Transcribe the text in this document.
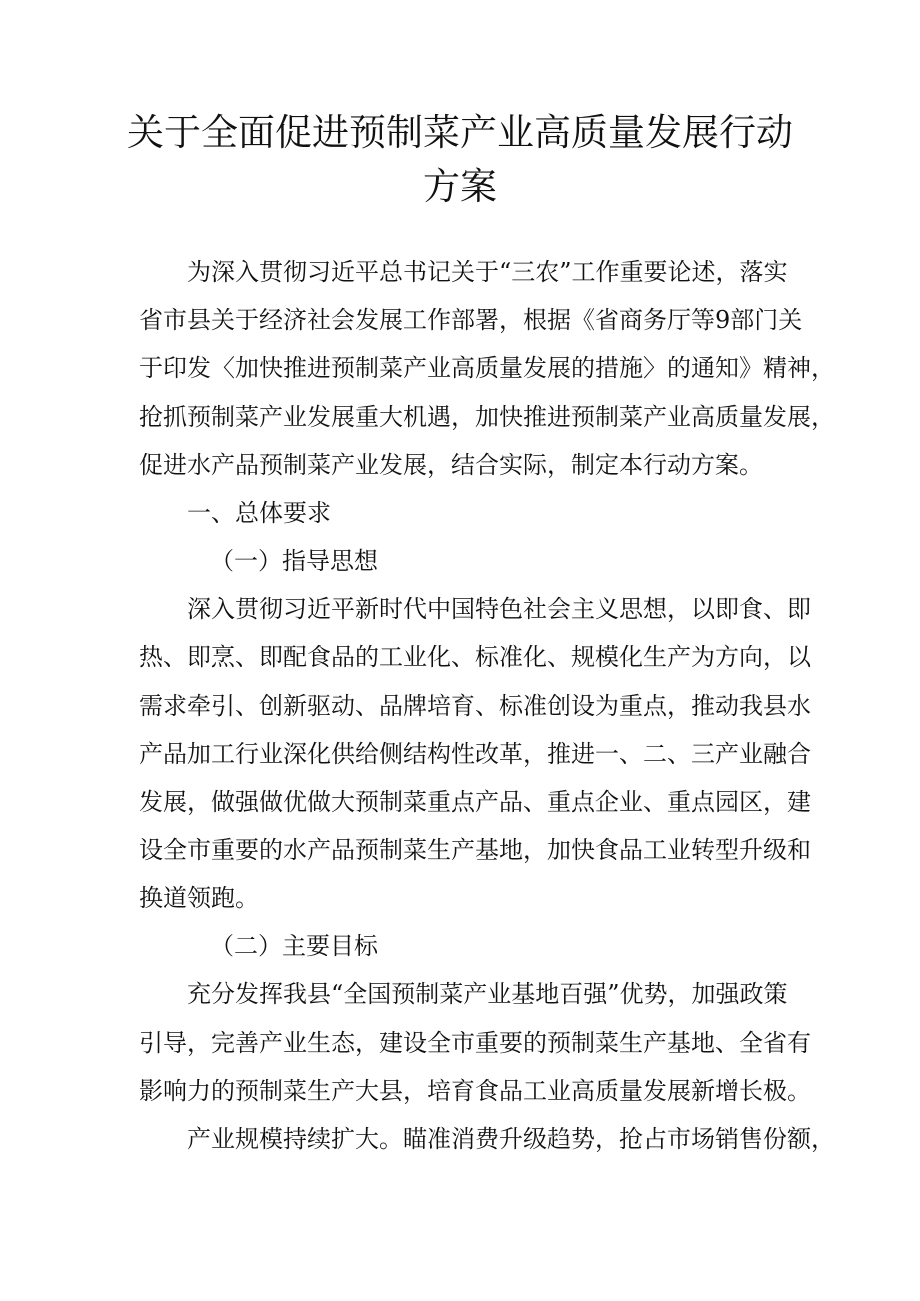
关于全面促进预制菜产业高质量发展行动
方案
为深入贯彻习近平总书记关于“三农”工作重要论述，落实
省市县关于经济社会发展工作部署，根据《省商务厅等9部门关
于印发〈加快推进预制菜产业高质量发展的措施〉的通知》精神，
抢抓预制菜产业发展重大机遇，加快推进预制菜产业高质量发展，
促进水产品预制菜产业发展，结合实际，制定本行动方案。
一、总体要求
（一）指导思想
深入贯彻习近平新时代中国特色社会主义思想，以即食、即
热、即烹、即配食品的工业化、标准化、规模化生产为方向，以
需求牵引、创新驱动、品牌培育、标准创设为重点，推动我县水
产品加工行业深化供给侧结构性改革，推进一、二、三产业融合
发展，做强做优做大预制菜重点产品、重点企业、重点园区，建
设全市重要的水产品预制菜生产基地，加快食品工业转型升级和
换道领跑。
（二）主要目标
充分发挥我县“全国预制菜产业基地百强”优势，加强政策
引导，完善产业生态，建设全市重要的预制菜生产基地、全省有
影响力的预制菜生产大县，培育食品工业高质量发展新增长极。
产业规模持续扩大。瞄准消费升级趋势，抢占市场销售份额，
